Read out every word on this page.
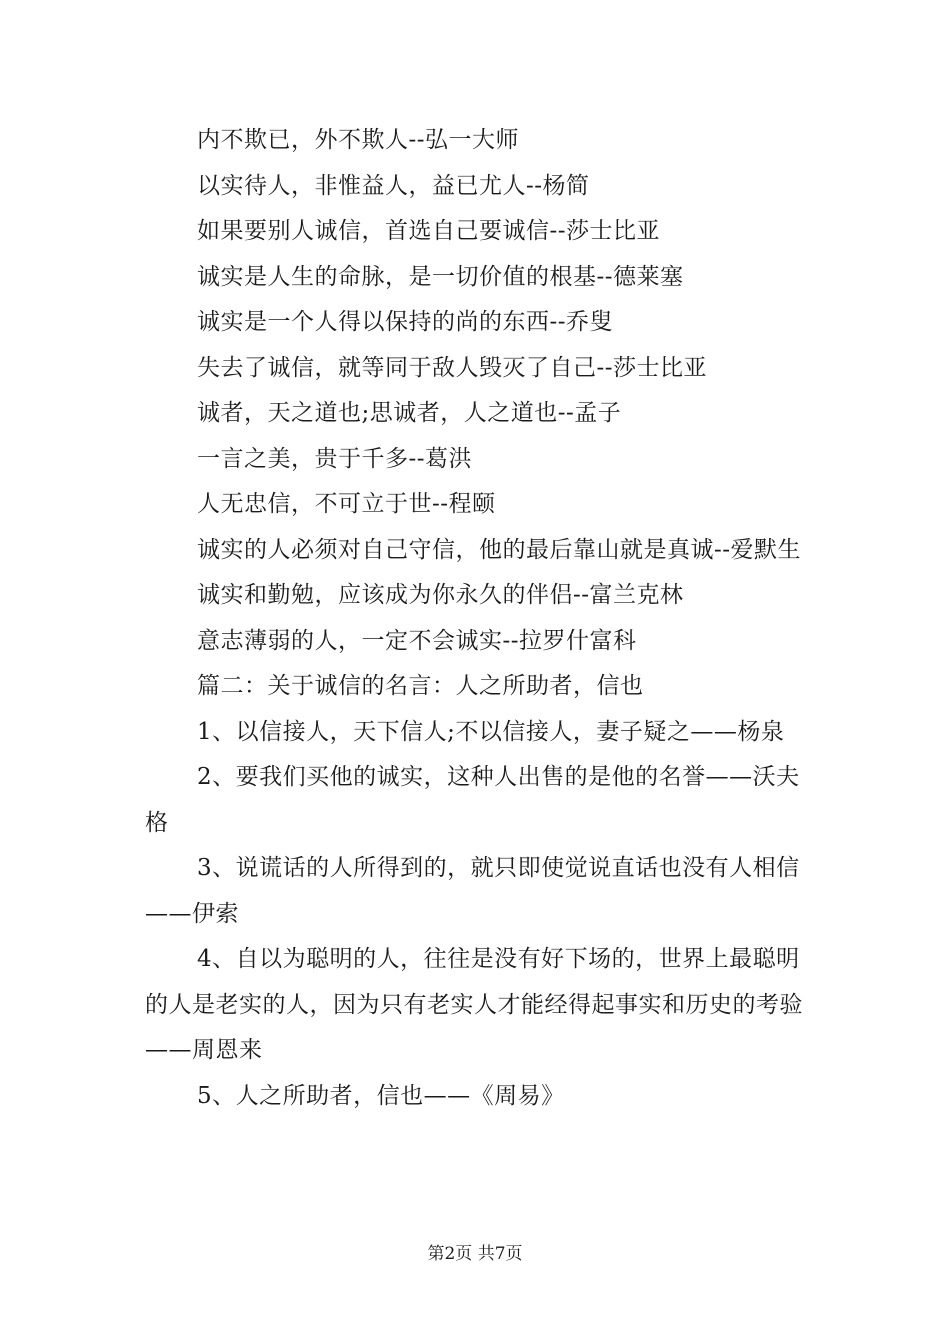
内不欺已，外不欺人--弘一大师

以实待人，非惟益人，益已尤人--杨简

如果要别人诚信，首选自己要诚信--莎士比亚

诚实是人生的命脉，是一切价值的根基--德莱塞

诚实是一个人得以保持的尚的东西--乔叟

失去了诚信，就等同于敌人毁灭了自己--莎士比亚

诚者，天之道也;思诚者，人之道也--孟子

一言之美，贵于千多--葛洪

人无忠信，不可立于世--程颐

诚实的人必须对自己守信，他的最后靠山就是真诚--爱默生

诚实和勤勉，应该成为你永久的伴侣--富兰克林

意志薄弱的人，一定不会诚实--拉罗什富科

篇二：关于诚信的名言：人之所助者，信也

1、以信接人，天下信人;不以信接人，妻子疑之——杨泉

2、要我们买他的诚实，这种人出售的是他的名誉——沃夫格

3、说谎话的人所得到的，就只即使觉说直话也没有人相信——伊索

4、自以为聪明的人，往往是没有好下场的，世界上最聪明的人是老实的人，因为只有老实人才能经得起事实和历史的考验——周恩来

5、人之所助者，信也——《周易》

第2页 共7页
